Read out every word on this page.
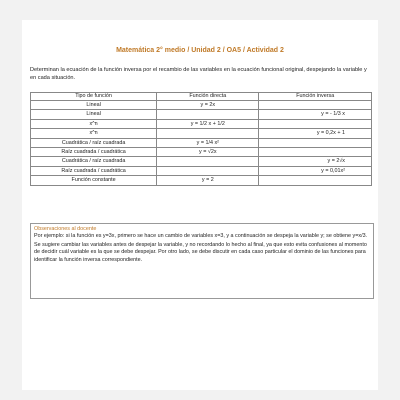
Matemática 2° medio / Unidad 2 / OA5 / Actividad 2
Determinan la ecuación de la función inversa por el recambio de las variables en la ecuación funcional original, despejando la variable y en cada situación.
Tipo de función	Función directa	Función inversa
Lineal	y = 2x	
Lineal		y = - 1/3 x
x^n	y = 1/2 x + 1/2	
x^n		y = 0,2x + 1
Cuadrática / raíz cuadrada	y = 1/4 x²	
Raíz cuadrada / cuadrática	y = √2x	
Cuadrática / raíz cuadrada		y = 2√x
Raíz cuadrada / cuadrática		y = 0,01x²
Función constante	y = 2	
Observaciones al docente

Por ejemplo: si la función es y=3x, primero se hace un cambio de variables x=3, y a continuación se despeja la variable y; se obtiene y=x/3.

Se sugiere cambiar las variables antes de despejar la variable, y no recordando lo hecho al final, ya que esto evita confusiones al momento de decidir cuál variable es la que se debe despejar. Por otro lado, se debe discutir en cada caso particular el dominio de las funciones para identificar la función inversa correspondiente.
